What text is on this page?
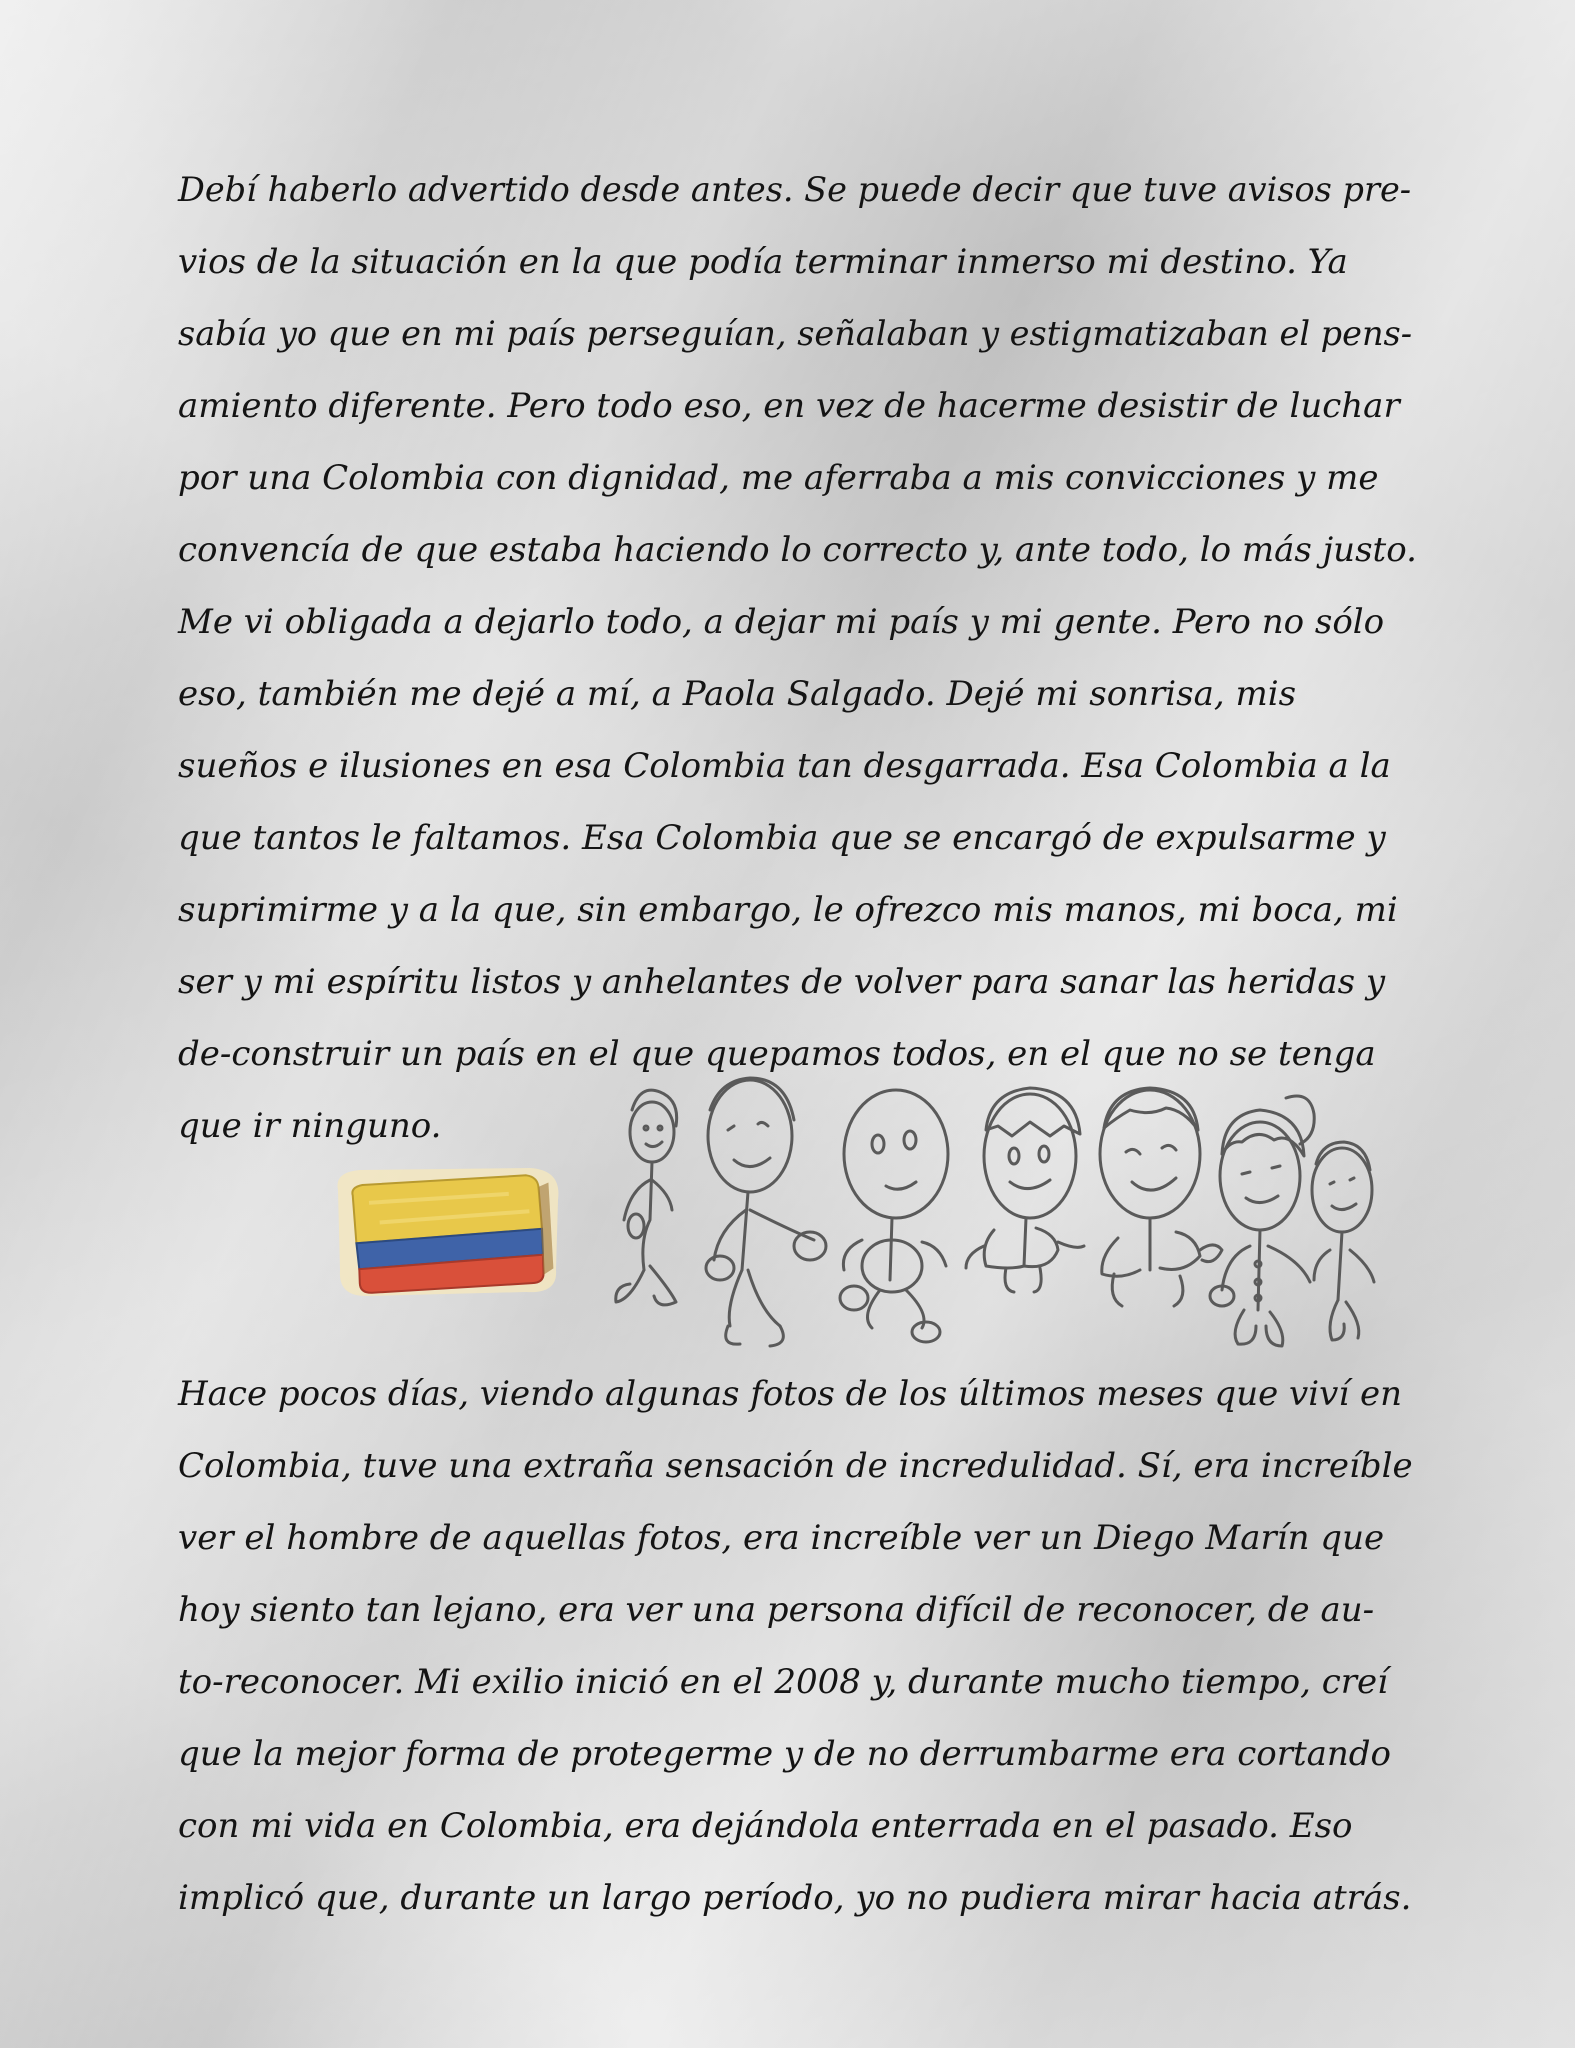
Debí haberlo advertido desde antes. Se puede decir que tuve avisos pre-
vios de la situación en la que podía terminar inmerso mi destino. Ya
sabía yo que en mi país perseguían, señalaban y estigmatizaban el pens-
amiento diferente. Pero todo eso, en vez de hacerme desistir de luchar
por una Colombia con dignidad, me aferraba a mis convicciones y me
convencía de que estaba haciendo lo correcto y, ante todo, lo más justo.
Me vi obligada a dejarlo todo, a dejar mi país y mi gente. Pero no sólo
eso, también me dejé a mí, a Paola Salgado. Dejé mi sonrisa, mis
sueños e ilusiones en esa Colombia tan desgarrada. Esa Colombia a la
que tantos le faltamos. Esa Colombia que se encargó de expulsarme y
suprimirme y a la que, sin embargo, le ofrezco mis manos, mi boca, mi
ser y mi espíritu listos y anhelantes de volver para sanar las heridas y
de-construir un país en el que quepamos todos, en el que no se tenga
que ir ninguno.
Hace pocos días, viendo algunas fotos de los últimos meses que viví en
Colombia, tuve una extraña sensación de incredulidad. Sí, era increíble
ver el hombre de aquellas fotos, era increíble ver un Diego Marín que
hoy siento tan lejano, era ver una persona difícil de reconocer, de au-
to-reconocer. Mi exilio inició en el 2008 y, durante mucho tiempo, creí
que la mejor forma de protegerme y de no derrumbarme era cortando
con mi vida en Colombia, era dejándola enterrada en el pasado. Eso
implicó que, durante un largo período, yo no pudiera mirar hacia atrás.
